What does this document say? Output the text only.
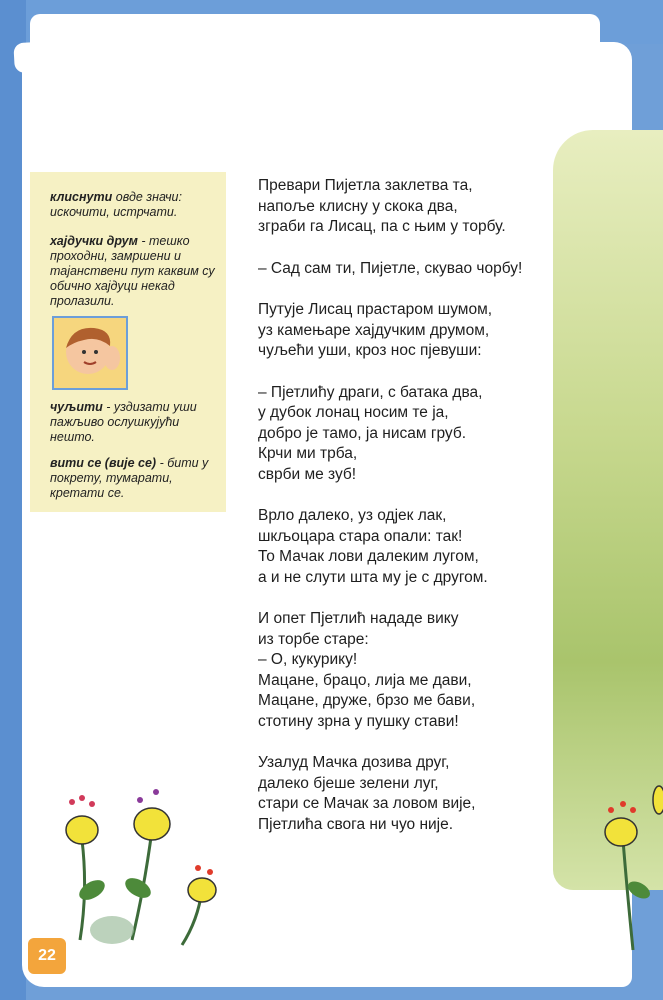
клиснути овде значи: искочити, истрчати.
хајдучки друм - тешко проходни, замршени и тајанствени пут каквим су обично хајдуци некад пролазили.
чуљити - уздизати уши пажљиво ослушкујући нешто.
вити се (вије се) - бити у покрету, тумарати, кретати се.
Превари Пијетла заклетва та,
напоље клисну у скока два,
зграби га Лисац, па с њим у торбу.
– Сад сам ти, Пијетле, скувао чорбу!
Путује Лисац прастаром шумом,
уз камењаре хајдучким друмом,
чуљећи уши, кроз нос пјевуши:
– Пјетлићу драги, с батака два,
у дубок лонац носим те ја,
добро је тамо, ја нисам груб.
Крчи ми трба,
сврби ме зуб!
Врло далеко, уз одјек лак,
шкљоцара стара опали: так!
То Мачак лови далеким лугом,
а и не слути шта му је с другом.
И опет Пјетлић нададе вику
из торбе старе:
– О, кукурику!
Мацане, брацо, лија ме дави,
Мацане, друже, брзо ме бави,
стотину зрна у пушку стави!
Узалуд Мачка дозива друг,
далеко бјеше зелени луг,
стари се Мачак за ловом вије,
Пјетлића свога ни чуо није.
22
